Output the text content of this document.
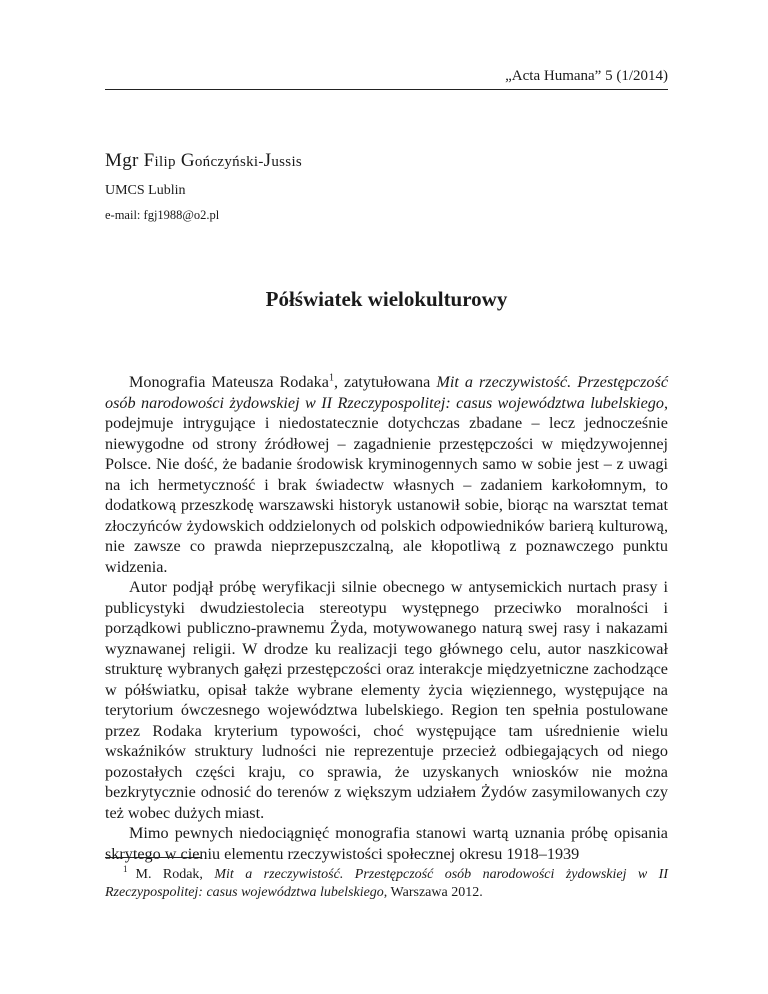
„Acta Humana” 5 (1/2014)
Mgr Filip Gończyński-Jussis
UMCS Lublin
e-mail: fgj1988@o2.pl
Półświatek wielokulturowy

Monografia Mateusza Rodaka$^1$, zatytułowana Mit a rzeczywistość. Przestępczość osób narodowości żydowskiej w II Rzeczypospolitej: casus województwa lubelskiego, podejmuje intrygujące i niedostatecznie dotychczas zbadane – lecz jednocześnie niewygodne od strony źródłowej – zagadnienie przestępczości w międzywojennej Polsce. Nie dość, że badanie środowisk kryminogennych samo w sobie jest – z uwagi na ich hermetyczność i brak świadectw własnych – zadaniem karkołomnym, to dodatkową przeszkodę warszawski historyk ustanowił sobie, biorąc na warsztat temat złoczyńców żydowskich oddzielonych od polskich odpowiedników barierą kulturową, nie zawsze co prawda nieprzepuszczalną, ale kłopotliwą z poznawczego punktu widzenia.

Autor podjął próbę weryfikacji silnie obecnego w antysemickich nurtach prasy i publicystyki dwudziestolecia stereotypu występnego przeciwko moralności i porządkowi publiczno-prawnemu Żyda, motywowanego naturą swej rasy i nakazami wyznawanej religii. W drodze ku realizacji tego głównego celu, autor naszkicował strukturę wybranych gałęzi przestępczości oraz interakcje międzyetniczne zachodzące w półświatku, opisał także wybrane elementy życia więziennego, występujące na terytorium ówczesnego województwa lubelskiego. Region ten spełnia postulowane przez Rodaka kryterium typowości, choć występujące tam uśrednienie wielu wskaźników struktury ludności nie reprezentuje przecież odbiegających od niego pozostałych części kraju, co sprawia, że uzyskanych wniosków nie można bezkrytycznie odnosić do terenów z większym udziałem Żydów zasymilowanych czy też wobec dużych miast.

Mimo pewnych niedociągnięć monografia stanowi wartą uznania próbę opisania skrytego w cieniu elementu rzeczywistości społecznej okresu 1918–1939

$^1$ M. Rodak, Mit a rzeczywistość. Przestępczość osób narodowości żydowskiej w II Rzeczypospolitej: casus województwa lubelskiego, Warszawa 2012.
